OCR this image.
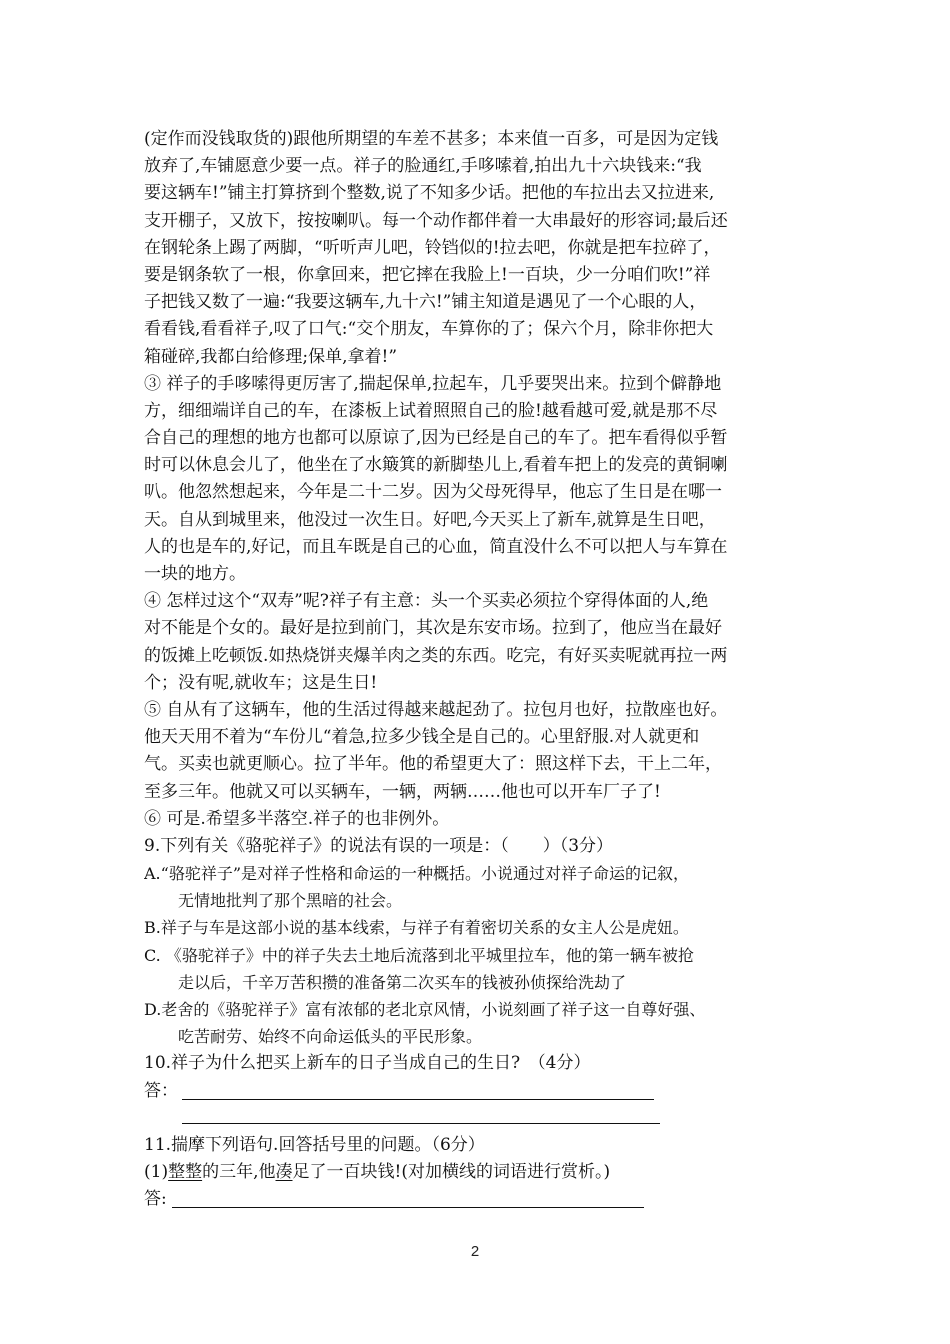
(定作而没钱取货的)跟他所期望的车差不甚多；本来值一百多，可是因为定钱
放弃了,车铺愿意少要一点。祥子的脸通红,手哆嗦着,拍出九十六块钱来:“我
要这辆车!”铺主打算挤到个整数,说了不知多少话。把他的车拉出去又拉进来,
支开棚子，又放下，按按喇叭。每一个动作都伴着一大串最好的形容词;最后还
在钢轮条上踢了两脚，“听听声儿吧，铃铛似的!拉去吧，你就是把车拉碎了，
要是钢条软了一根，你拿回来，把它摔在我脸上!一百块，少一分咱们吹!”祥
子把钱又数了一遍:“我要这辆车,九十六!”铺主知道是遇见了一个心眼的人，
看看钱,看看祥子,叹了口气:“交个朋友，车算你的了；保六个月，除非你把大
箱碰碎,我都白给修理;保单,拿着!”
③ 祥子的手哆嗦得更厉害了,揣起保单,拉起车，几乎要哭出来。拉到个僻静地
方，细细端详自己的车，在漆板上试着照照自己的脸!越看越可爱,就是那不尽
合自己的理想的地方也都可以原谅了,因为已经是自己的车了。把车看得似乎暂
时可以休息会儿了，他坐在了水簸箕的新脚垫儿上,看着车把上的发亮的黄铜喇
叭。他忽然想起来，今年是二十二岁。因为父母死得早，他忘了生日是在哪一
天。自从到城里来，他没过一次生日。好吧,今天买上了新车,就算是生日吧，
人的也是车的,好记，而且车既是自己的心血，简直没什么不可以把人与车算在
一块的地方。
④ 怎样过这个“双寿”呢?祥子有主意：头一个买卖必须拉个穿得体面的人,绝
对不能是个女的。最好是拉到前门，其次是东安市场。拉到了，他应当在最好
的饭摊上吃顿饭.如热烧饼夹爆羊肉之类的东西。吃完，有好买卖呢就再拉一两
个；没有呢,就收车；这是生日!
⑤ 自从有了这辆车，他的生活过得越来越起劲了。拉包月也好，拉散座也好。
他天天用不着为“车份儿“着急,拉多少钱全是自己的。心里舒服.对人就更和
气。买卖也就更顺心。拉了半年。他的希望更大了：照这样下去，干上二年，
至多三年。他就又可以买辆车，一辆，两辆……他也可以开车厂子了!
⑥ 可是.希望多半落空.祥子的也非例外。
9.下列有关《骆驼祥子》的说法有误的一项是：（　　）（3分）
A.“骆驼祥子”是对祥子性格和命运的一种概括。小说通过对祥子命运的记叙，
无情地批判了那个黑暗的社会。
B.祥子与车是这部小说的基本线索，与祥子有着密切关系的女主人公是虎妞。
C. 《骆驼祥子》中的祥子失去土地后流落到北平城里拉车，他的第一辆车被抢
走以后，千辛万苦积攒的准备第二次买车的钱被孙侦探给洗劫了
D.老舍的《骆驼祥子》富有浓郁的老北京风情，小说刻画了祥子这一自尊好强、
吃苦耐劳、始终不向命运低头的平民形象。
10.祥子为什么把买上新车的日子当成自己的生日?　（4分）
答：
11.揣摩下列语句.回答括号里的问题。（6分）
(1)整整的三年,他凑足了一百块钱!(对加横线的词语进行赏析。)
答:
2
